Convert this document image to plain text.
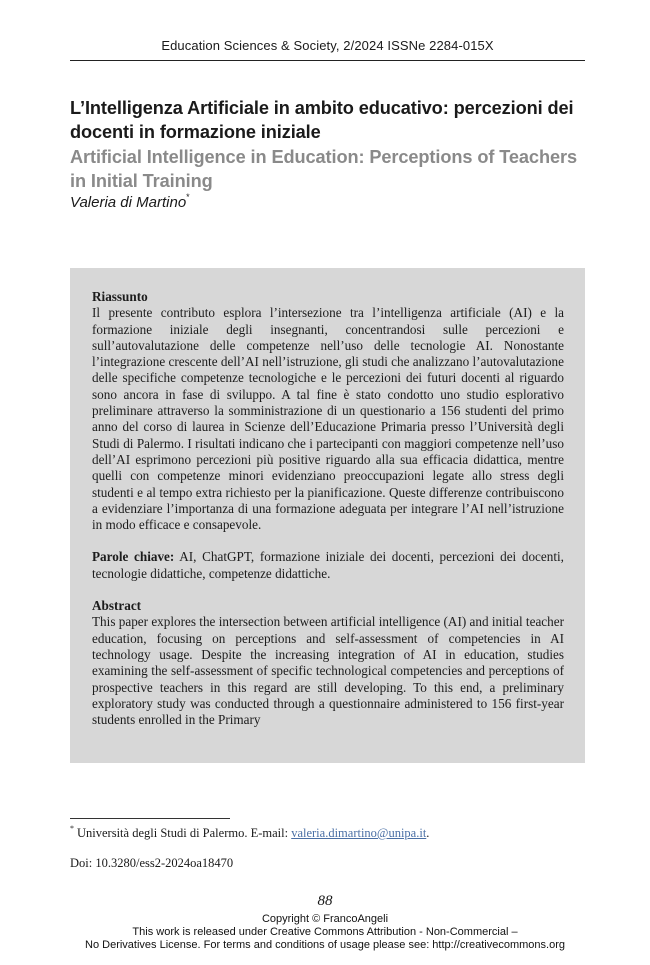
Education Sciences & Society, 2/2024 ISSNe 2284-015X
L’Intelligenza Artificiale in ambito educativo: percezioni dei docenti in formazione iniziale
Artificial Intelligence in Education: Perceptions of Teachers in Initial Training
Valeria di Martino*

Riassunto

Il presente contributo esplora l’intersezione tra l’intelligenza artificiale (AI) e la formazione iniziale degli insegnanti, concentrandosi sulle percezioni e sull’autovalutazione delle competenze nell’uso delle tecnologie AI. Nonostante l’integrazione crescente dell’AI nell’istruzione, gli studi che analizzano l’autovalutazione delle specifiche competenze tecnologiche e le percezioni dei futuri docenti al riguardo sono ancora in fase di sviluppo. A tal fine è stato condotto uno studio esplorativo preliminare attraverso la somministrazione di un questionario a 156 studenti del primo anno del corso di laurea in Scienze dell’Educazione Primaria presso l’Università degli Studi di Palermo. I risultati indicano che i partecipanti con maggiori competenze nell’uso dell’AI esprimono percezioni più positive riguardo alla sua efficacia didattica, mentre quelli con competenze minori evidenziano preoccupazioni legate allo stress degli studenti e al tempo extra richiesto per la pianificazione. Queste differenze contribuiscono a evidenziare l’importanza di una formazione adeguata per integrare l’AI nell’istruzione in modo efficace e consapevole.

Parole chiave: AI, ChatGPT, formazione iniziale dei docenti, percezioni dei docenti, tecnologie didattiche, competenze didattiche.

Abstract

This paper explores the intersection between artificial intelligence (AI) and initial teacher education, focusing on perceptions and self-assessment of competencies in AI technology usage. Despite the increasing integration of AI in education, studies examining the self-assessment of specific technological competencies and perceptions of prospective teachers in this regard are still developing. To this end, a preliminary exploratory study was conducted through a questionnaire administered to 156 first-year students enrolled in the Primary

* Università degli Studi di Palermo. E-mail: valeria.dimartino@unipa.it.
Doi: 10.3280/ess2-2024oa18470
88
Copyright © FrancoAngeli
This work is released under Creative Commons Attribution - Non-Commercial –
No Derivatives License. For terms and conditions of usage please see: http://creativecommons.org
